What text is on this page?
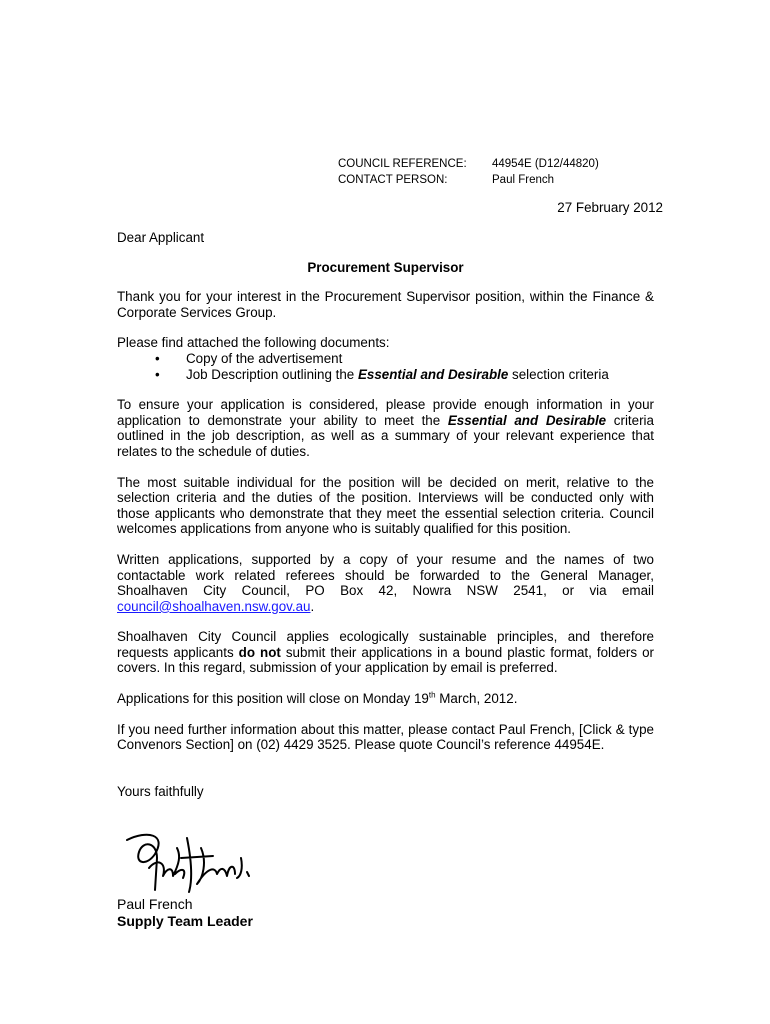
COUNCIL REFERENCE:	44954E (D12/44820)
CONTACT PERSON:	Paul French
27 February 2012

Dear Applicant

Procurement Supervisor

Thank you for your interest in the Procurement Supervisor position, within the Finance & Corporate Services Group.

Please find attached the following documents:

• Copy of the advertisement
• Job Description outlining the Essential and Desirable selection criteria

To ensure your application is considered, please provide enough information in your application to demonstrate your ability to meet the Essential and Desirable criteria outlined in the job description, as well as a summary of your relevant experience that relates to the schedule of duties.

The most suitable individual for the position will be decided on merit, relative to the selection criteria and the duties of the position. Interviews will be conducted only with those applicants who demonstrate that they meet the essential selection criteria. Council welcomes applications from anyone who is suitably qualified for this position.

Written applications, supported by a copy of your resume and the names of two contactable work related referees should be forwarded to the General Manager, Shoalhaven City Council, PO Box 42, Nowra NSW 2541, or via email council@shoalhaven.nsw.gov.au.

Shoalhaven City Council applies ecologically sustainable principles, and therefore requests applicants do not submit their applications in a bound plastic format, folders or covers. In this regard, submission of your application by email is preferred.

Applications for this position will close on Monday 19th March, 2012.

If you need further information about this matter, please contact Paul French, [Click & type Convenors Section] on (02) 4429 3525. Please quote Council’s reference 44954E.

Yours faithfully

Paul French
Supply Team Leader
